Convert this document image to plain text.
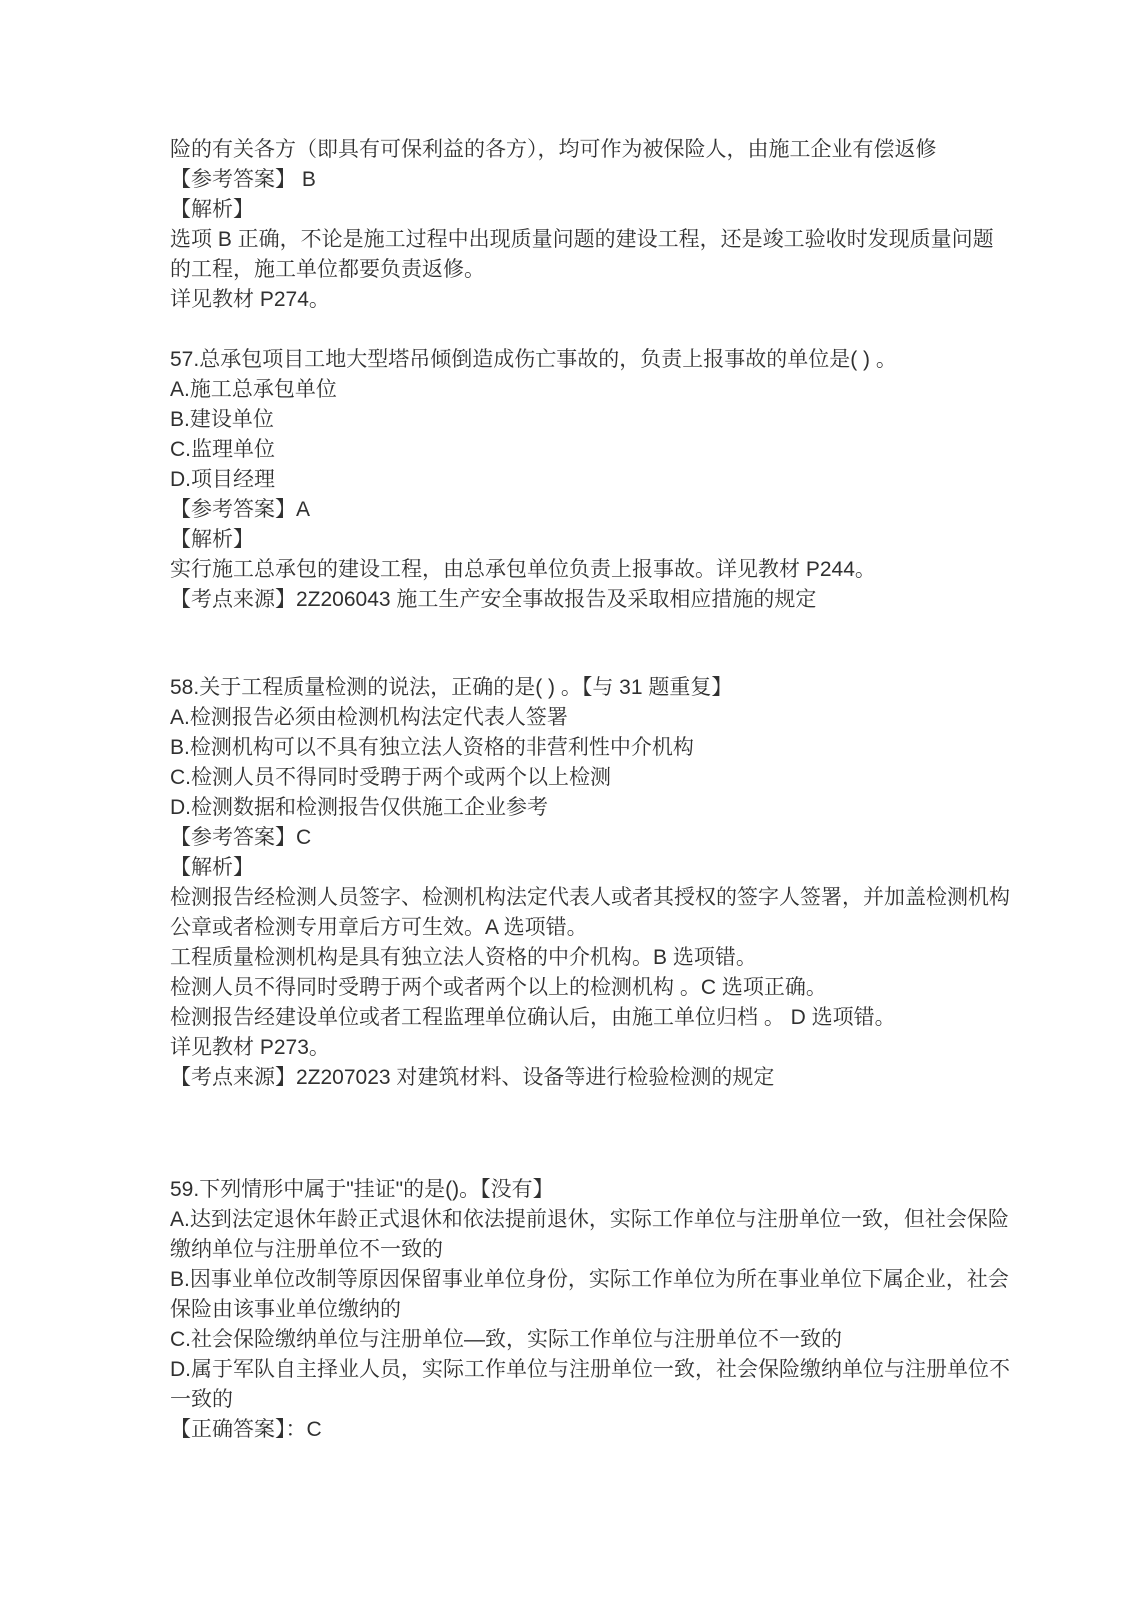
险的有关各方（即具有可保利益的各方），均可作为被保险人，由施工企业有偿返修
【参考答案】 B
【解析】
选项 B 正确，不论是施工过程中出现质量问题的建设工程，还是竣工验收时发现质量问题
的工程，施工单位都要负责返修。
详见教材 P274。
57.总承包项目工地大型塔吊倾倒造成伤亡事故的，负责上报事故的单位是( ) 。
A.施工总承包单位
B.建设单位
C.监理单位
D.项目经理
【参考答案】A
【解析】
实行施工总承包的建设工程，由总承包单位负责上报事故。详见教材 P244。
【考点来源】2Z206043 施工生产安全事故报告及采取相应措施的规定
58.关于工程质量检测的说法，正确的是( ) 。【与 31 题重复】
A.检测报告必须由检测机构法定代表人签署
B.检测机构可以不具有独立法人资格的非营利性中介机构
C.检测人员不得同时受聘于两个或两个以上检测
D.检测数据和检测报告仅供施工企业参考
【参考答案】C
【解析】
检测报告经检测人员签字、检测机构法定代表人或者其授权的签字人签署，并加盖检测机构
公章或者检测专用章后方可生效。A 选项错。
工程质量检测机构是具有独立法人资格的中介机构。B 选项错。
检测人员不得同时受聘于两个或者两个以上的检测机构 。C 选项正确。
检测报告经建设单位或者工程监理单位确认后，由施工单位归档 。 D 选项错。
详见教材 P273。
【考点来源】2Z207023 对建筑材料、设备等进行检验检测的规定
59.下列情形中属于"挂证"的是()。【没有】
A.达到法定退休年龄正式退休和依法提前退休，实际工作单位与注册单位一致，但社会保险
缴纳单位与注册单位不一致的
B.因事业单位改制等原因保留事业单位身份，实际工作单位为所在事业单位下属企业，社会
保险由该事业单位缴纳的
C.社会保险缴纳单位与注册单位—致，实际工作单位与注册单位不一致的
D.属于军队自主择业人员，实际工作单位与注册单位一致，社会保险缴纳单位与注册单位不
一致的
【正确答案】：C
